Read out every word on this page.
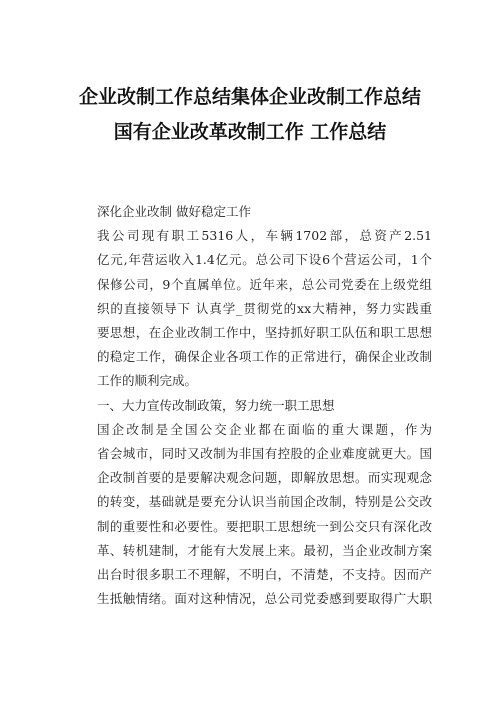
企业改制工作总结集体企业改制工作总结
国有企业改革改制工作 工作总结

深化企业改制 做好稳定工作

我公司现有职工5316人，车辆1702部，总资产2.51
亿元,年营运收入1.4亿元。总公司下设6个营运公司，1个
保修公司，9个直属单位。近年来，总公司党委在上级党组
织的直接领导下 认真学_贯彻党的xx大精神，努力实践重
要思想，在企业改制工作中，坚持抓好职工队伍和职工思想
的稳定工作，确保企业各项工作的正常进行，确保企业改制
工作的顺利完成。

一、大力宣传改制政策，努力统一职工思想

国企改制是全国公交企业都在面临的重大课题，作为
省会城市，同时又改制为非国有控股的企业难度就更大。国
企改制首要的是要解决观念问题，即解放思想。而实现观念
的转变，基础就是要充分认识当前国企改制，特别是公交改
制的重要性和必要性。要把职工思想统一到公交只有深化改
革、转机建制，才能有大发展上来。最初，当企业改制方案
出台时很多职工不理解，不明白，不清楚，不支持。因而产
生抵触情绪。面对这种情况，总公司党委感到要取得广大职
